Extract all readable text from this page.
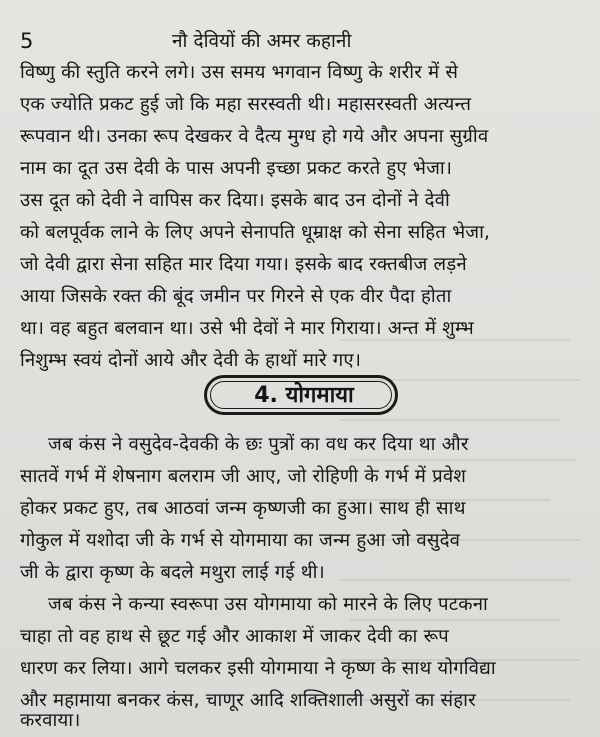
5	नौ देवियों की अमर कहानी
विष्णु की स्तुति करने लगे। उस समय भगवान विष्णु के शरीर में से
एक ज्योति प्रकट हुई जो कि महा सरस्वती थी। महासरस्वती अत्यन्त
रूपवान थी। उनका रूप देखकर वे दैत्य मुग्ध हो गये और अपना सुग्रीव
नाम का दूत उस देवी के पास अपनी इच्छा प्रकट करते हुए भेजा।
उस दूत को देवी ने वापिस कर दिया। इसके बाद उन दोनों ने देवी
को बलपूर्वक लाने के लिए अपने सेनापति धूम्राक्ष को सेना सहित भेजा,
जो देवी द्वारा सेना सहित मार दिया गया। इसके बाद रक्तबीज लड़ने
आया जिसके रक्त की बूंद जमीन पर गिरने से एक वीर पैदा होता
था। वह बहुत बलवान था। उसे भी देवों ने मार गिराया। अन्त में शुम्भ
निशुम्भ स्वयं दोनों आये और देवी के हाथों मारे गए।
4. योगमाया
जब कंस ने वसुदेव-देवकी के छः पुत्रों का वध कर दिया था और
सातवें गर्भ में शेषनाग बलराम जी आए, जो रोहिणी के गर्भ में प्रवेश
होकर प्रकट हुए, तब आठवां जन्म कृष्णजी का हुआ। साथ ही साथ
गोकुल में यशोदा जी के गर्भ से योगमाया का जन्म हुआ जो वसुदेव
जी के द्वारा कृष्ण के बदले मथुरा लाई गई थी।
जब कंस ने कन्या स्वरूपा उस योगमाया को मारने के लिए पटकना
चाहा तो वह हाथ से छूट गई और आकाश में जाकर देवी का रूप
धारण कर लिया। आगे चलकर इसी योगमाया ने कृष्ण के साथ योगविद्या
और महामाया बनकर कंस, चाणूर आदि शक्तिशाली असुरों का संहार
करवाया।
